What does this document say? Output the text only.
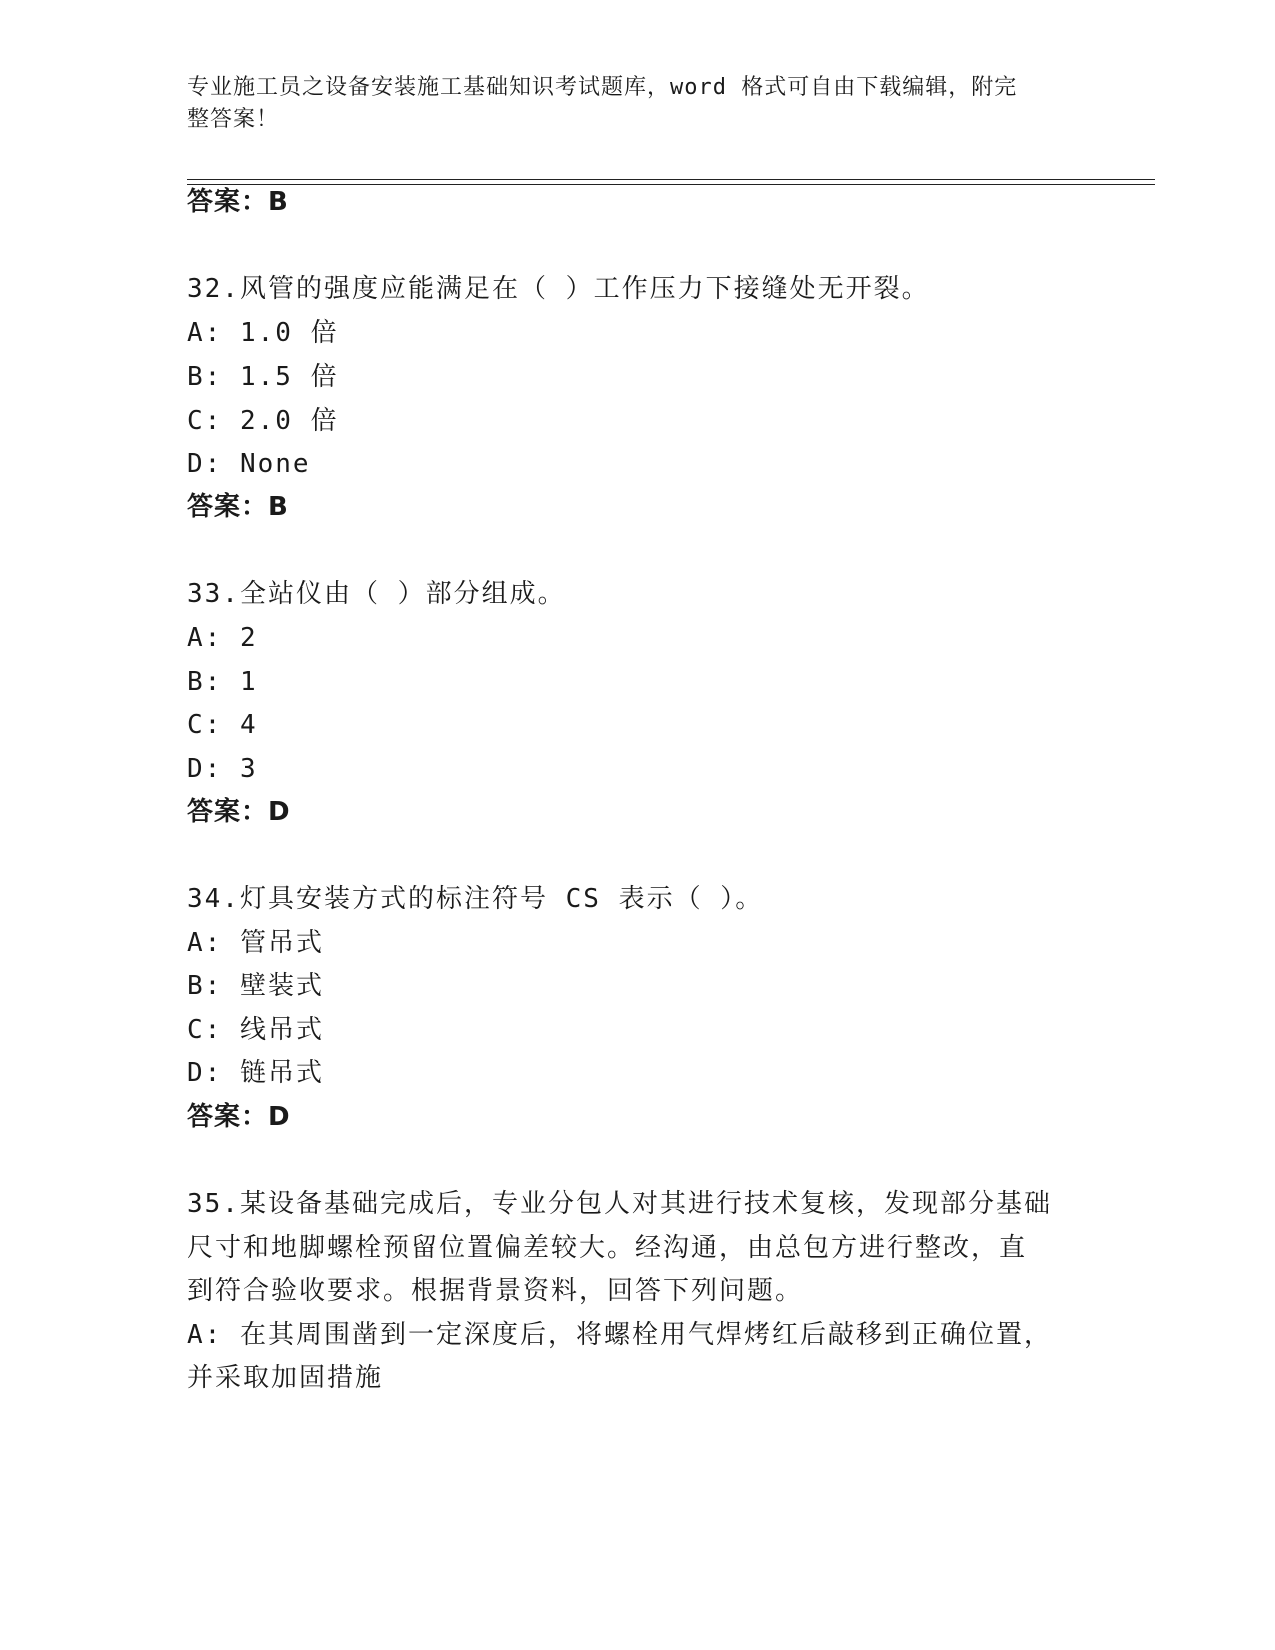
专业施工员之设备安装施工基础知识考试题库，word 格式可自由下载编辑，附完
整答案！
答案：B
32.风管的强度应能满足在（ ）工作压力下接缝处无开裂。
A: 1.0 倍
B: 1.5 倍
C: 2.0 倍
D: None
答案：B
33.全站仪由（ ）部分组成。
A: 2
B: 1
C: 4
D: 3
答案：D
34.灯具安装方式的标注符号 CS 表示（ ）。
A: 管吊式
B: 壁装式
C: 线吊式
D: 链吊式
答案：D
35.某设备基础完成后，专业分包人对其进行技术复核，发现部分基础
尺寸和地脚螺栓预留位置偏差较大。经沟通，由总包方进行整改，直
到符合验收要求。根据背景资料，回答下列问题。
A: 在其周围凿到一定深度后，将螺栓用气焊烤红后敲移到正确位置，
并采取加固措施
